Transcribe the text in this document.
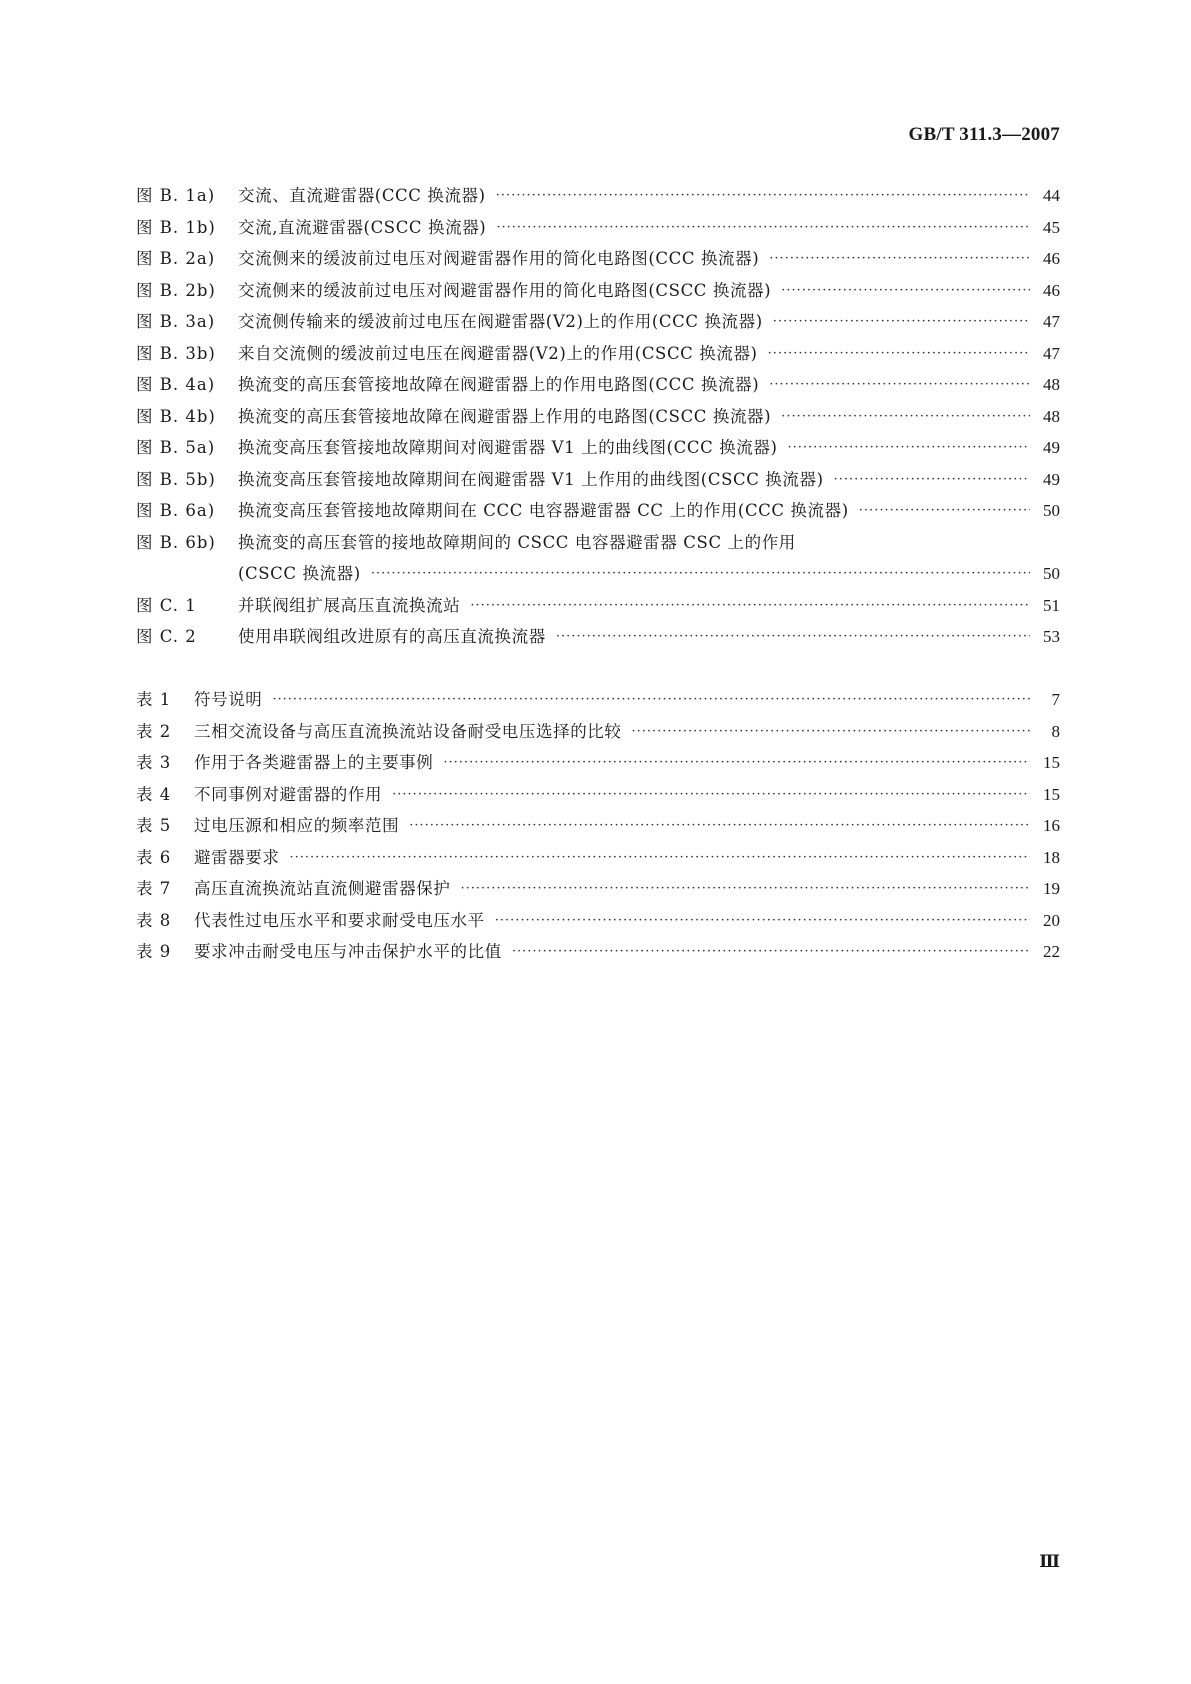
GB/T 311.3—2007
图 B. 1a) 交流、直流避雷器(CCC 换流器) ·····	44
图 B. 1b) 交流,直流避雷器(CSCC 换流器) ·····	45
图 B. 2a) 交流侧来的缓波前过电压对阀避雷器作用的简化电路图(CCC 换流器) ·····	46
图 B. 2b) 交流侧来的缓波前过电压对阀避雷器作用的简化电路图(CSCC 换流器) ·····	46
图 B. 3a) 交流侧传输来的缓波前过电压在阀避雷器(V2)上的作用(CCC 换流器) ·····	47
图 B. 3b) 来自交流侧的缓波前过电压在阀避雷器(V2)上的作用(CSCC 换流器) ·····	47
图 B. 4a) 换流变的高压套管接地故障在阀避雷器上的作用电路图(CCC 换流器) ·····	48
图 B. 4b) 换流变的高压套管接地故障在阀避雷器上作用的电路图(CSCC 换流器) ·····	48
图 B. 5a) 换流变高压套管接地故障期间对阀避雷器 V1 上的曲线图(CCC 换流器) ·····	49
图 B. 5b) 换流变高压套管接地故障期间在阀避雷器 V1 上作用的曲线图(CSCC 换流器) ·····	49
图 B. 6a) 换流变高压套管接地故障期间在 CCC 电容器避雷器 CC 上的作用(CCC 换流器) ·····	50
图 B. 6b) 换流变的高压套管的接地故障期间的 CSCC 电容器避雷器 CSC 上的作用
(CSCC 换流器) ·····	50
图 C. 1 并联阀组扩展高压直流换流站 ·····	51
图 C. 2 使用串联阀组改进原有的高压直流换流器 ·····	53
表 1 符号说明 ·····	7
表 2 三相交流设备与高压直流换流站设备耐受电压选择的比较 ·····	8
表 3 作用于各类避雷器上的主要事例 ·····	15
表 4 不同事例对避雷器的作用 ·····	15
表 5 过电压源和相应的频率范围 ·····	16
表 6 避雷器要求 ·····	18
表 7 高压直流换流站直流侧避雷器保护 ·····	19
表 8 代表性过电压水平和要求耐受电压水平 ·····	20
表 9 要求冲击耐受电压与冲击保护水平的比值 ·····	22
Ⅲ
